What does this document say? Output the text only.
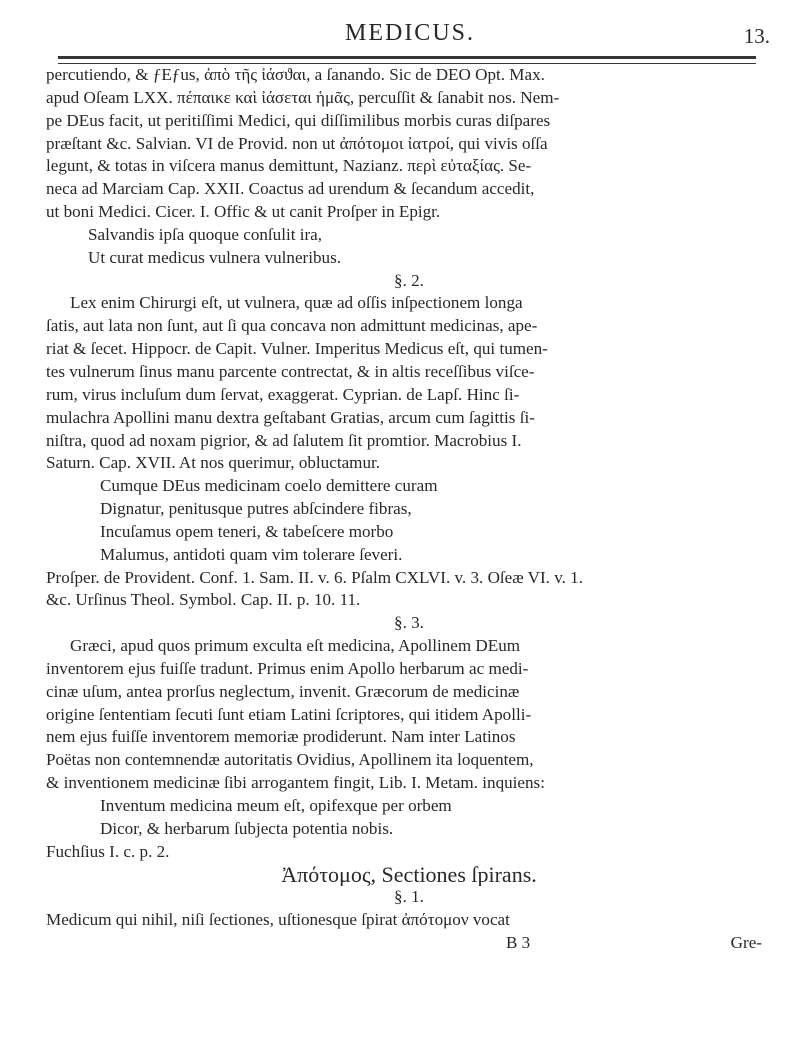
MEDICUS.	13.
percutiendo, & ƒEƒus, ἀπὸ τῆς ἰάσϑαι, a ſanando. Sic de DEO Opt. Max.
apud Oſeam LXX. πέπαικε καὶ ἰάσεται ἡμᾶς, percuſſit & ſanabit nos. Nem-
pe DEus facit, ut peritiſſimi Medici, qui diſſimilibus morbis curas diſpares
præſtant &c. Salvian. VI de Provid. non ut ἀπότομοι ἰατροί, qui vivis oſſa
legunt, & totas in viſcera manus demittunt, Nazianz. περὶ εὐταξίας. Se-
neca ad Marciam Cap. XXII. Coactus ad urendum & ſecandum accedit,
ut boni Medici. Cicer. I. Offic & ut canit Proſper in Epigr.
Salvandis ipſa quoque conſulit ira,
Ut curat medicus vulnera vulneribus.
§. 2.
Lex enim Chirurgi eſt, ut vulnera, quæ ad oſſis inſpectionem longa
ſatis, aut lata non ſunt, aut ſi qua concava non admittunt medicinas, ape-
riat & ſecet. Hippocr. de Capit. Vulner. Imperitus Medicus eſt, qui tumen-
tes vulnerum ſinus manu parcente contrectat, & in altis receſſibus viſce-
rum, virus incluſum dum ſervat, exaggerat. Cyprian. de Lapſ. Hinc ſi-
mulachra Apollini manu dextra geſtabant Gratias, arcum cum ſagittis ſi-
niſtra, quod ad noxam pigrior, & ad ſalutem ſit promtior. Macrobius I.
Saturn. Cap. XVII. At nos querimur, obluctamur.
Cumque DEus medicinam coelo demittere curam
Dignatur, penitusque putres abſcindere fibras,
Incuſamus opem teneri, & tabeſcere morbo
Malumus, antidoti quam vim tolerare ſeveri.
Proſper. de Provident. Conf. 1. Sam. II. v. 6. Pſalm CXLVI. v. 3. Oſeæ VI. v. 1.
&c. Urſinus Theol. Symbol. Cap. II. p. 10. 11.
§. 3.
Græci, apud quos primum exculta eſt medicina, Apollinem DEum
inventorem ejus fuiſſe tradunt. Primus enim Apollo herbarum ac medi-
cinæ uſum, antea prorſus neglectum, invenit. Græcorum de medicinæ
origine ſententiam ſecuti ſunt etiam Latini ſcriptores, qui itidem Apolli-
nem ejus fuiſſe inventorem memoriæ prodiderunt. Nam inter Latinos
Poëtas non contemnendæ autoritatis Ovidius, Apollinem ita loquentem,
& inventionem medicinæ ſibi arrogantem fingit, Lib. I. Metam. inquiens:
Inventum medicina meum eſt, opifexque per orbem
Dicor, & herbarum ſubjecta potentia nobis.
Fuchſius I. c. p. 2.
Ἀπότομος, Sectiones ſpirans.
§. 1.
Medicum qui nihil, niſi ſectiones, uſtionesque ſpirat ἀπότομον vocat
B 3	Gre-
